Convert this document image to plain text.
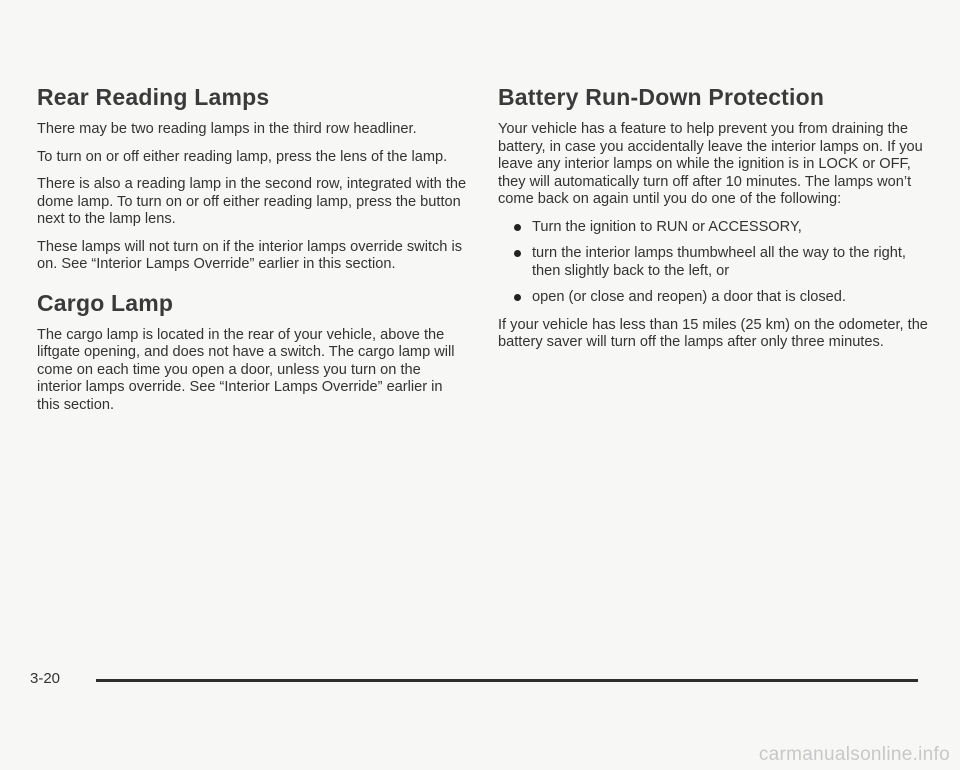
Rear Reading Lamps

There may be two reading lamps in the third row headliner.

To turn on or off either reading lamp, press the lens of the lamp.

There is also a reading lamp in the second row, integrated with the dome lamp. To turn on or off either reading lamp, press the button next to the lamp lens.

These lamps will not turn on if the interior lamps override switch is on. See “Interior Lamps Override” earlier in this section.

Cargo Lamp

The cargo lamp is located in the rear of your vehicle, above the liftgate opening, and does not have a switch. The cargo lamp will come on each time you open a door, unless you turn on the interior lamps override. See “Interior Lamps Override” earlier in this section.

Battery Run-Down Protection

Your vehicle has a feature to help prevent you from draining the battery, in case you accidentally leave the interior lamps on. If you leave any interior lamps on while the ignition is in LOCK or OFF, they will automatically turn off after 10 minutes. The lamps won’t come back on again until you do one of the following:

Turn the ignition to RUN or ACCESSORY,
turn the interior lamps thumbwheel all the way to the right, then slightly back to the left, or
open (or close and reopen) a door that is closed.

If your vehicle has less than 15 miles (25 km) on the odometer, the battery saver will turn off the lamps after only three minutes.

3-20
carmanualsonline.info
